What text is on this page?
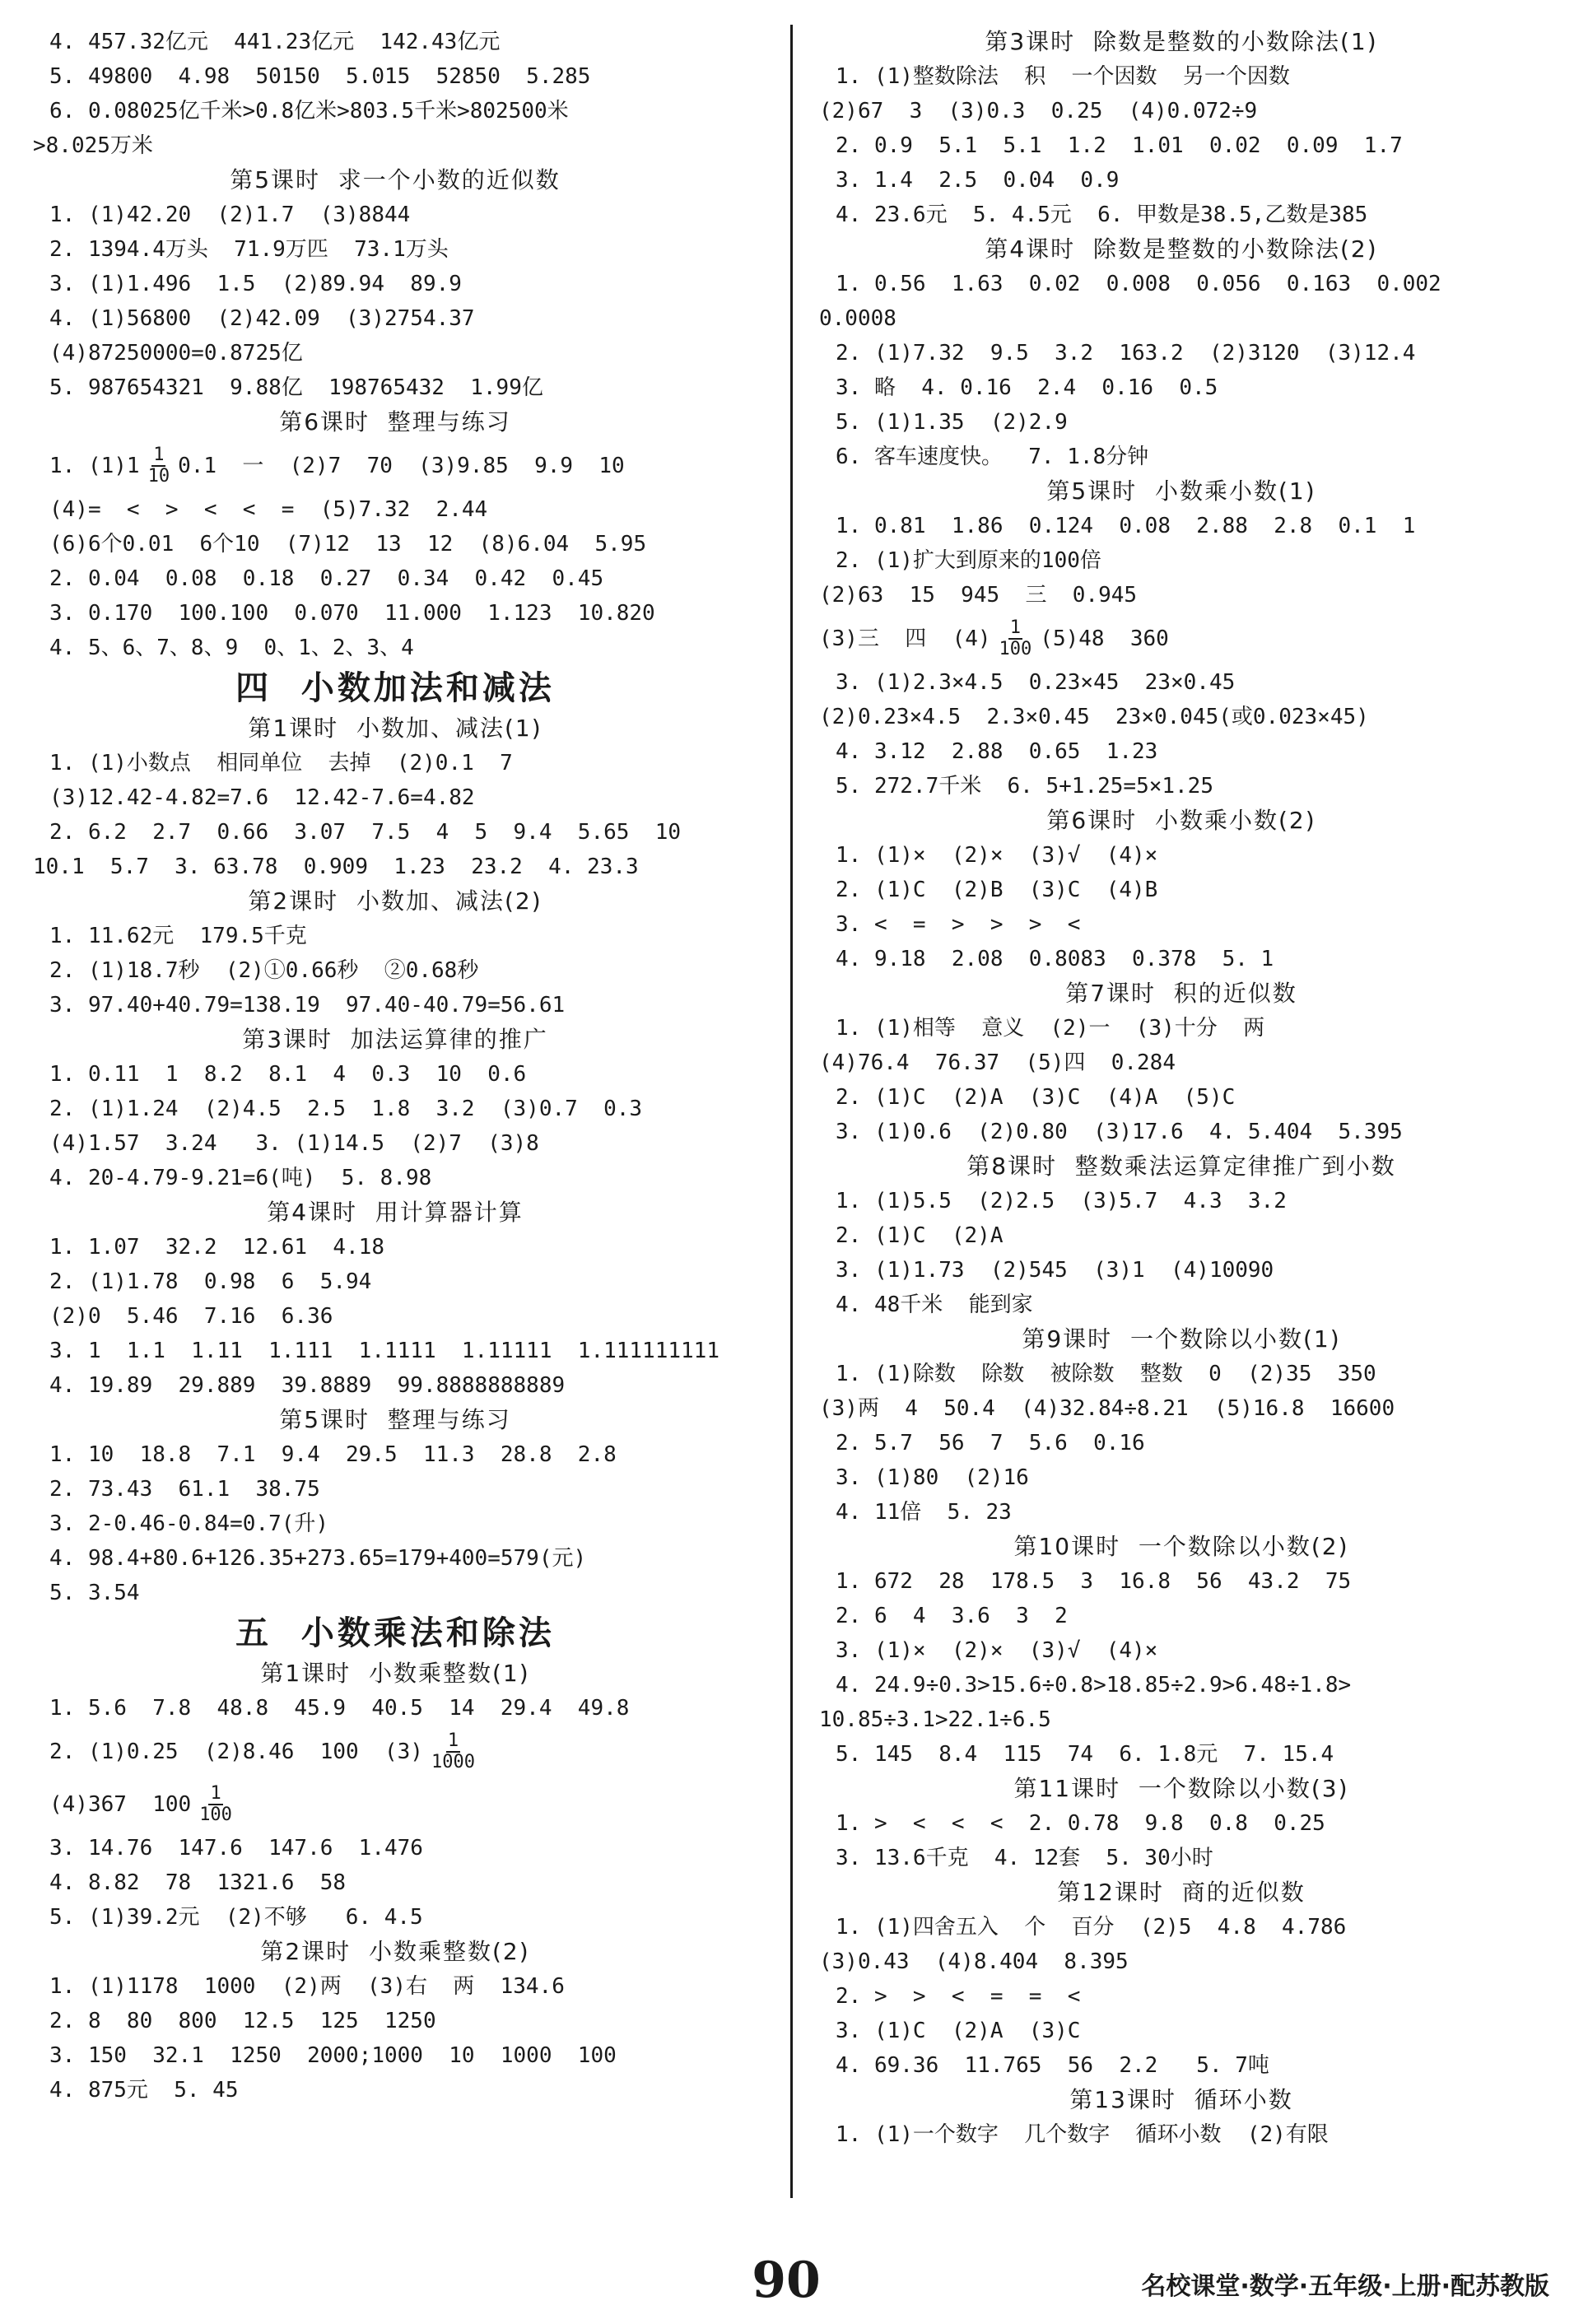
4. 457.32亿元  441.23亿元  142.43亿元
5. 49800  4.98  50150  5.015  52850  5.285
6. 0.08025亿千米>0.8亿米>803.5千米>802500米
>8.025万米
第5课时  求一个小数的近似数
1. (1)42.20  (2)1.7  (3)8844
2. 1394.4万头  71.9万匹  73.1万头
3. (1)1.496  1.5  (2)89.94  89.9
4. (1)56800  (2)42.09  (3)2754.37
(4)87250000=0.8725亿
5. 987654321  9.88亿  198765432  1.99亿
第6课时  整理与练习
1. $(1)1 \frac{1}{10} 0.1$  一  (2)7  70  (3)9.85  9.9  10
(4)=  <  >  <  <  =  (5)7.32  2.44
(6)6个0.01  6个10  (7)12  13  12  (8)6.04  5.95
2. 0.04  0.08  0.18  0.27  0.34  0.42  0.45
3. 0.170  100.100  0.070  11.000  1.123  10.820
4. 5、6、7、8、9  0、1、2、3、4
四  小数加法和减法
第1课时  小数加、减法(1)
1. (1)小数点  相同单位  去掉  (2)0.1  7
(3)12.42-4.82=7.6  12.42-7.6=4.82
2. 6.2  2.7  0.66  3.07  7.5  4  5  9.4  5.65  10
10.1  5.7  3. 63.78  0.909  1.23  23.2  4. 23.3
第2课时  小数加、减法(2)
1. 11.62元  179.5千克
2. (1)18.7秒  (2)①0.66秒  ②0.68秒
3. 97.40+40.79=138.19  97.40-40.79=56.61
第3课时  加法运算律的推广
1. 0.11  1  8.2  8.1  4  0.3  10  0.6
2. (1)1.24  (2)4.5  2.5  1.8  3.2  (3)0.7  0.3
(4)1.57  3.24   3. (1)14.5  (2)7  (3)8
4. 20-4.79-9.21=6(吨)  5. 8.98
第4课时  用计算器计算
1. 1.07  32.2  12.61  4.18
2. (1)1.78  0.98  6  5.94
(2)0  5.46  7.16  6.36
3. 1  1.1  1.11  1.111  1.1111  1.11111  1.111111111
4. 19.89  29.889  39.8889  99.8888888889
第5课时  整理与练习
1. 10  18.8  7.1  9.4  29.5  11.3  28.8  2.8
2. 73.43  61.1  38.75
3. 2-0.46-0.84=0.7(升)
4. 98.4+80.6+126.35+273.65=179+400=579(元)
5. 3.54
五  小数乘法和除法
第1课时  小数乘整数(1)
1. 5.6  7.8  48.8  45.9  40.5  14  29.4  49.8
2. (1)0.25  (2)8.46  100  $(3) \frac{1}{1000}$
(4)367  $100 \frac{1}{100}$
3. 14.76  147.6  147.6  1.476
4. 8.82  78  1321.6  58
5. (1)39.2元  (2)不够   6. 4.5
第2课时  小数乘整数(2)
1. (1)1178  1000  (2)两  (3)右  两  134.6
2. 8  80  800  12.5  125  1250
3. 150  32.1  1250  2000;1000  10  1000  100
4. 875元  5. 45
第3课时  除数是整数的小数除法(1)
1. (1)整数除法  积  一个因数  另一个因数
(2)67  3  (3)0.3  0.25  (4)0.072÷9
2. 0.9  5.1  5.1  1.2  1.01  0.02  0.09  1.7
3. 1.4  2.5  0.04  0.9
4. 23.6元  5. 4.5元  6. 甲数是38.5,乙数是385
第4课时  除数是整数的小数除法(2)
1. 0.56  1.63  0.02  0.008  0.056  0.163  0.002
0.0008
2. (1)7.32  9.5  3.2  163.2  (2)3120  (3)12.4
3. 略  4. 0.16  2.4  0.16  0.5
5. (1)1.35  (2)2.9
6. 客车速度快。  7. 1.8分钟
第5课时  小数乘小数(1)
1. 0.81  1.86  0.124  0.08  2.88  2.8  0.1  1
2. (1)扩大到原来的100倍
(2)63  15  945  三  0.945
(3)三  四  $(4) \frac{1}{100} (5)48$  360
3. (1)2.3×4.5  0.23×45  23×0.45
(2)0.23×4.5  2.3×0.45  23×0.045(或0.023×45)
4. 3.12  2.88  0.65  1.23
5. 272.7千米  6. 5+1.25=5×1.25
第6课时  小数乘小数(2)
1. (1)×  (2)×  (3)√  (4)×
2. (1)C  (2)B  (3)C  (4)B
3. <  =  >  >  >  <
4. 9.18  2.08  0.8083  0.378  5. 1
第7课时  积的近似数
1. (1)相等  意义  (2)一  (3)十分  两
(4)76.4  76.37  (5)四  0.284
2. (1)C  (2)A  (3)C  (4)A  (5)C
3. (1)0.6  (2)0.80  (3)17.6  4. 5.404  5.395
第8课时  整数乘法运算定律推广到小数
1. (1)5.5  (2)2.5  (3)5.7  4.3  3.2
2. (1)C  (2)A
3. (1)1.73  (2)545  (3)1  (4)10090
4. 48千米  能到家
第9课时  一个数除以小数(1)
1. (1)除数  除数  被除数  整数  0  (2)35  350
(3)两  4  50.4  (4)32.84÷8.21  (5)16.8  16600
2. 5.7  56  7  5.6  0.16
3. (1)80  (2)16
4. 11倍  5. 23
第10课时  一个数除以小数(2)
1. 672  28  178.5  3  16.8  56  43.2  75
2. 6  4  3.6  3  2
3. (1)×  (2)×  (3)√  (4)×
4. 24.9÷0.3>15.6÷0.8>18.85÷2.9>6.48÷1.8>
10.85÷3.1>22.1÷6.5
5. 145  8.4  115  74  6. 1.8元  7. 15.4
第11课时  一个数除以小数(3)
1. >  <  <  <  2. 0.78  9.8  0.8  0.25
3. 13.6千克  4. 12套  5. 30小时
第12课时  商的近似数
1. (1)四舍五入  个  百分  (2)5  4.8  4.786
(3)0.43  (4)8.404  8.395
2. >  >  <  =  =  <
3. (1)C  (2)A  (3)C
4. 69.36  11.765  56  2.2   5. 7吨
第13课时  循环小数
1. (1)一个数字  几个数字  循环小数  (2)有限
90	名校课堂·数学·五年级·上册·配苏教版
